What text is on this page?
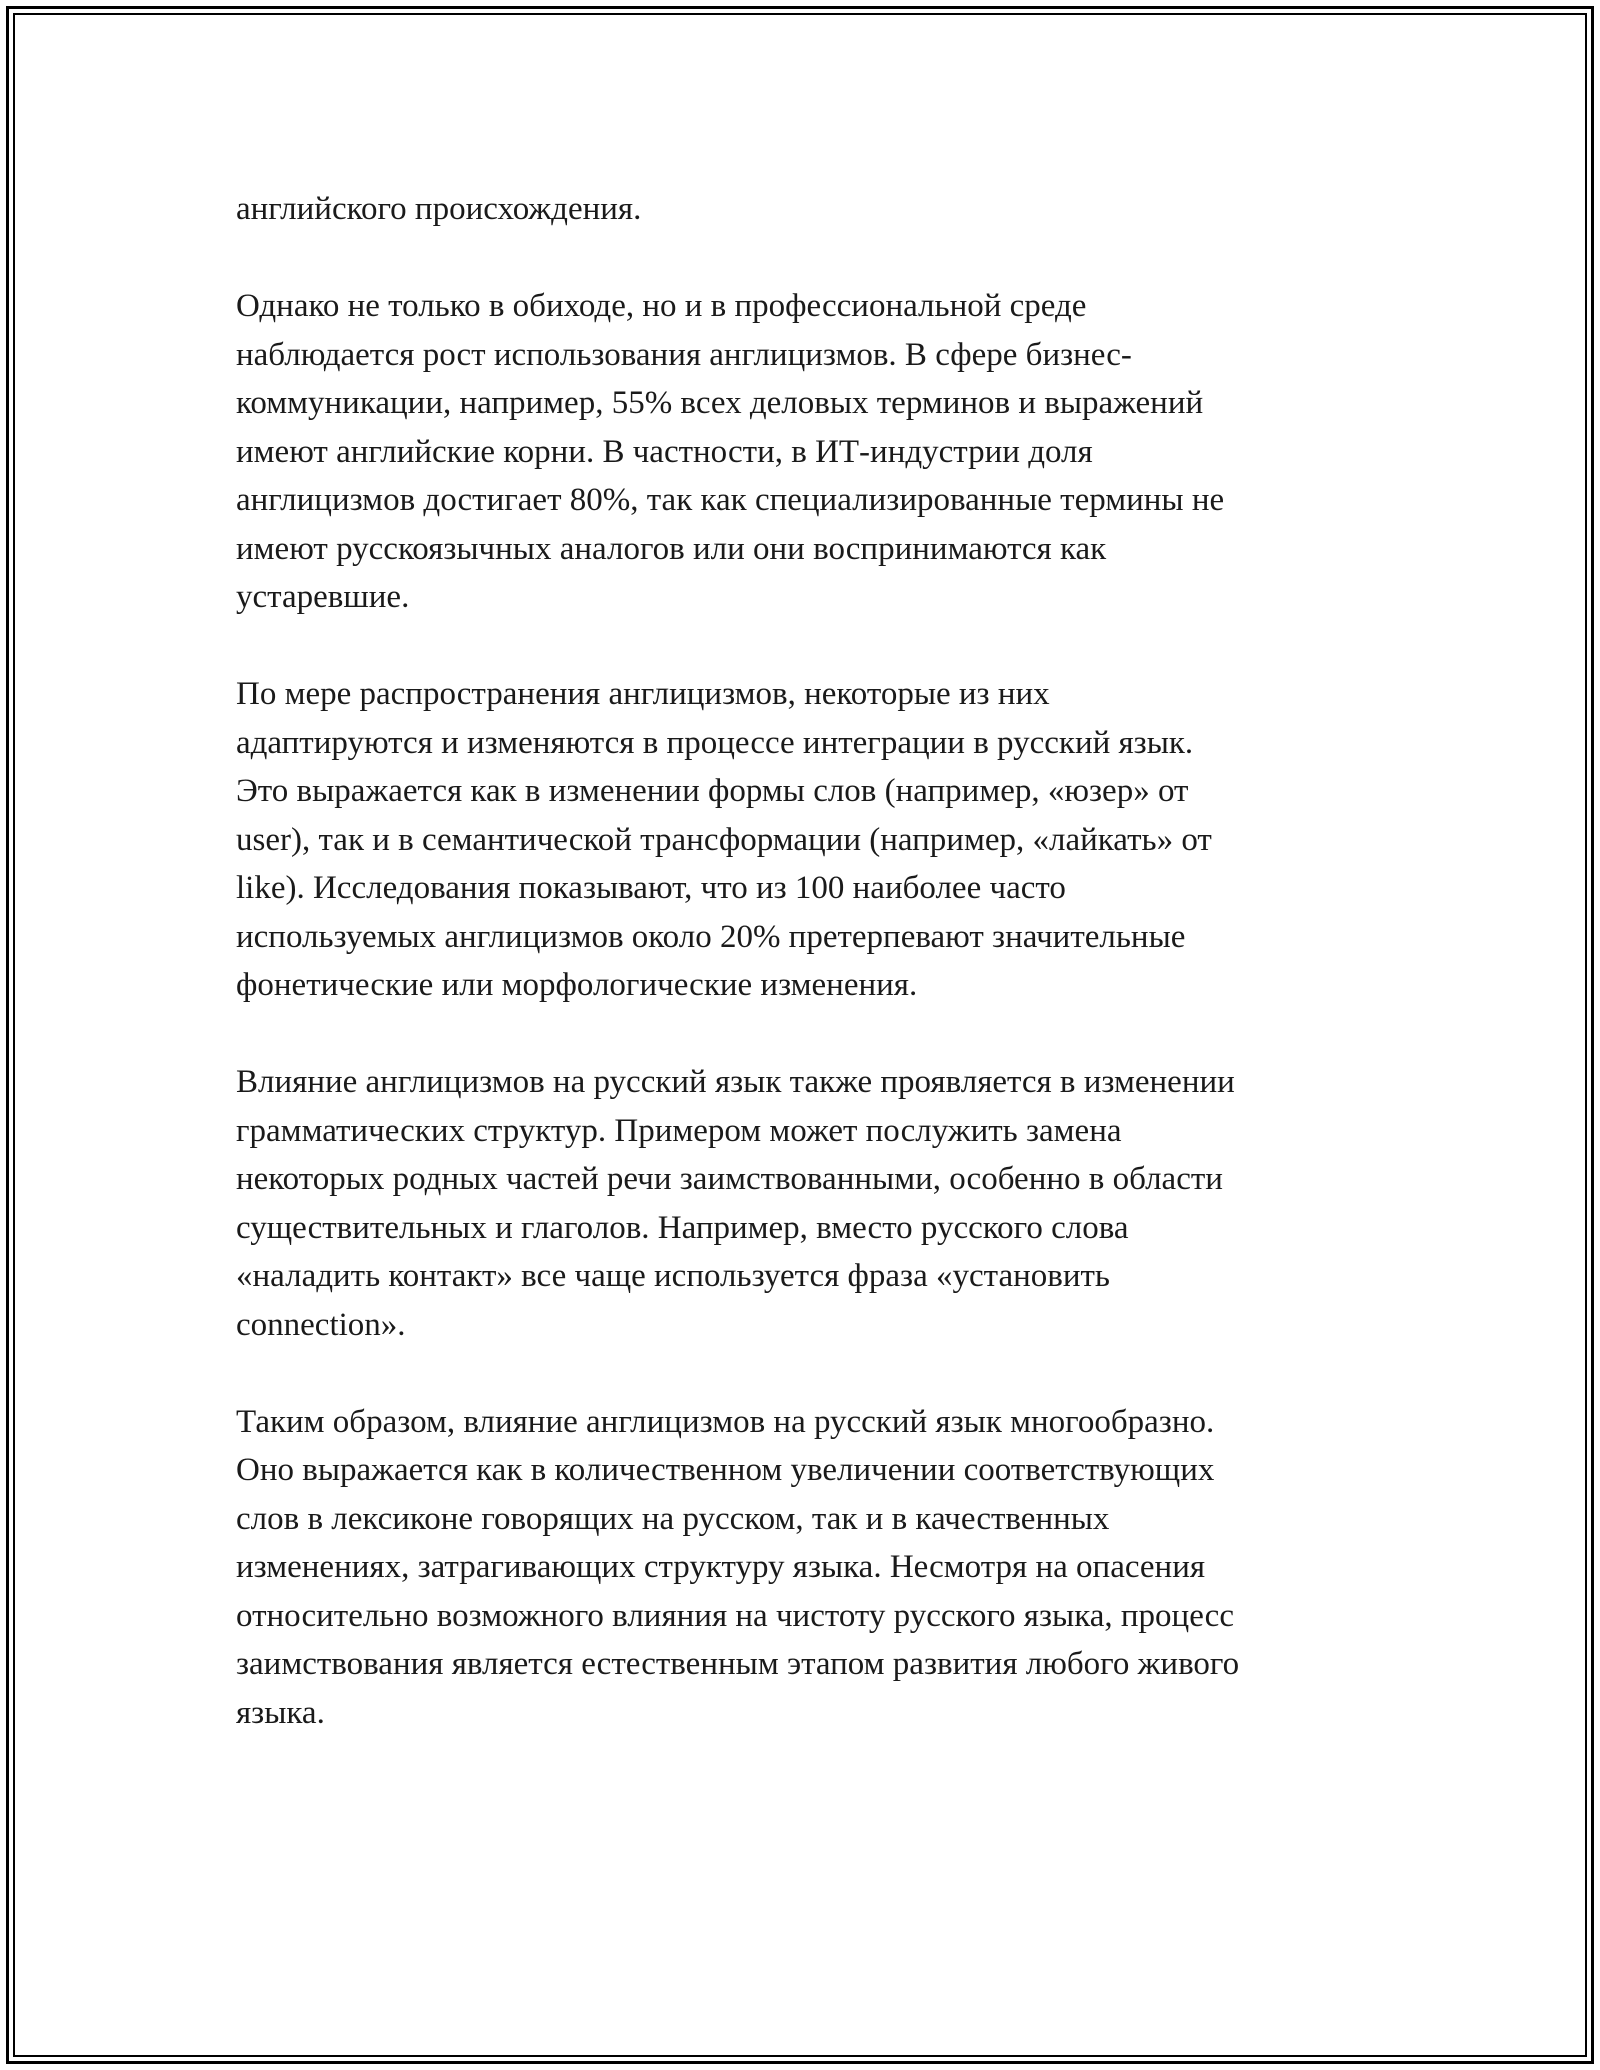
английского происхождения.

Однако не только в обиходе, но и в профессиональной среде
наблюдается рост использования англицизмов. В сфере бизнес-
коммуникации, например, 55% всех деловых терминов и выражений
имеют английские корни. В частности, в ИТ-индустрии доля
англицизмов достигает 80%, так как специализированные термины не
имеют русскоязычных аналогов или они воспринимаются как
устаревшие.

По мере распространения англицизмов, некоторые из них
адаптируются и изменяются в процессе интеграции в русский язык.
Это выражается как в изменении формы слов (например, «юзер» от
user), так и в семантической трансформации (например, «лайкать» от
like). Исследования показывают, что из 100 наиболее часто
используемых англицизмов около 20% претерпевают значительные
фонетические или морфологические изменения.

Влияние англицизмов на русский язык также проявляется в изменении
грамматических структур. Примером может послужить замена
некоторых родных частей речи заимствованными, особенно в области
существительных и глаголов. Например, вместо русского слова
«наладить контакт» все чаще используется фраза «установить
connection».

Таким образом, влияние англицизмов на русский язык многообразно.
Оно выражается как в количественном увеличении соответствующих
слов в лексиконе говорящих на русском, так и в качественных
изменениях, затрагивающих структуру языка. Несмотря на опасения
относительно возможного влияния на чистоту русского языка, процесс
заимствования является естественным этапом развития любого живого
языка.
